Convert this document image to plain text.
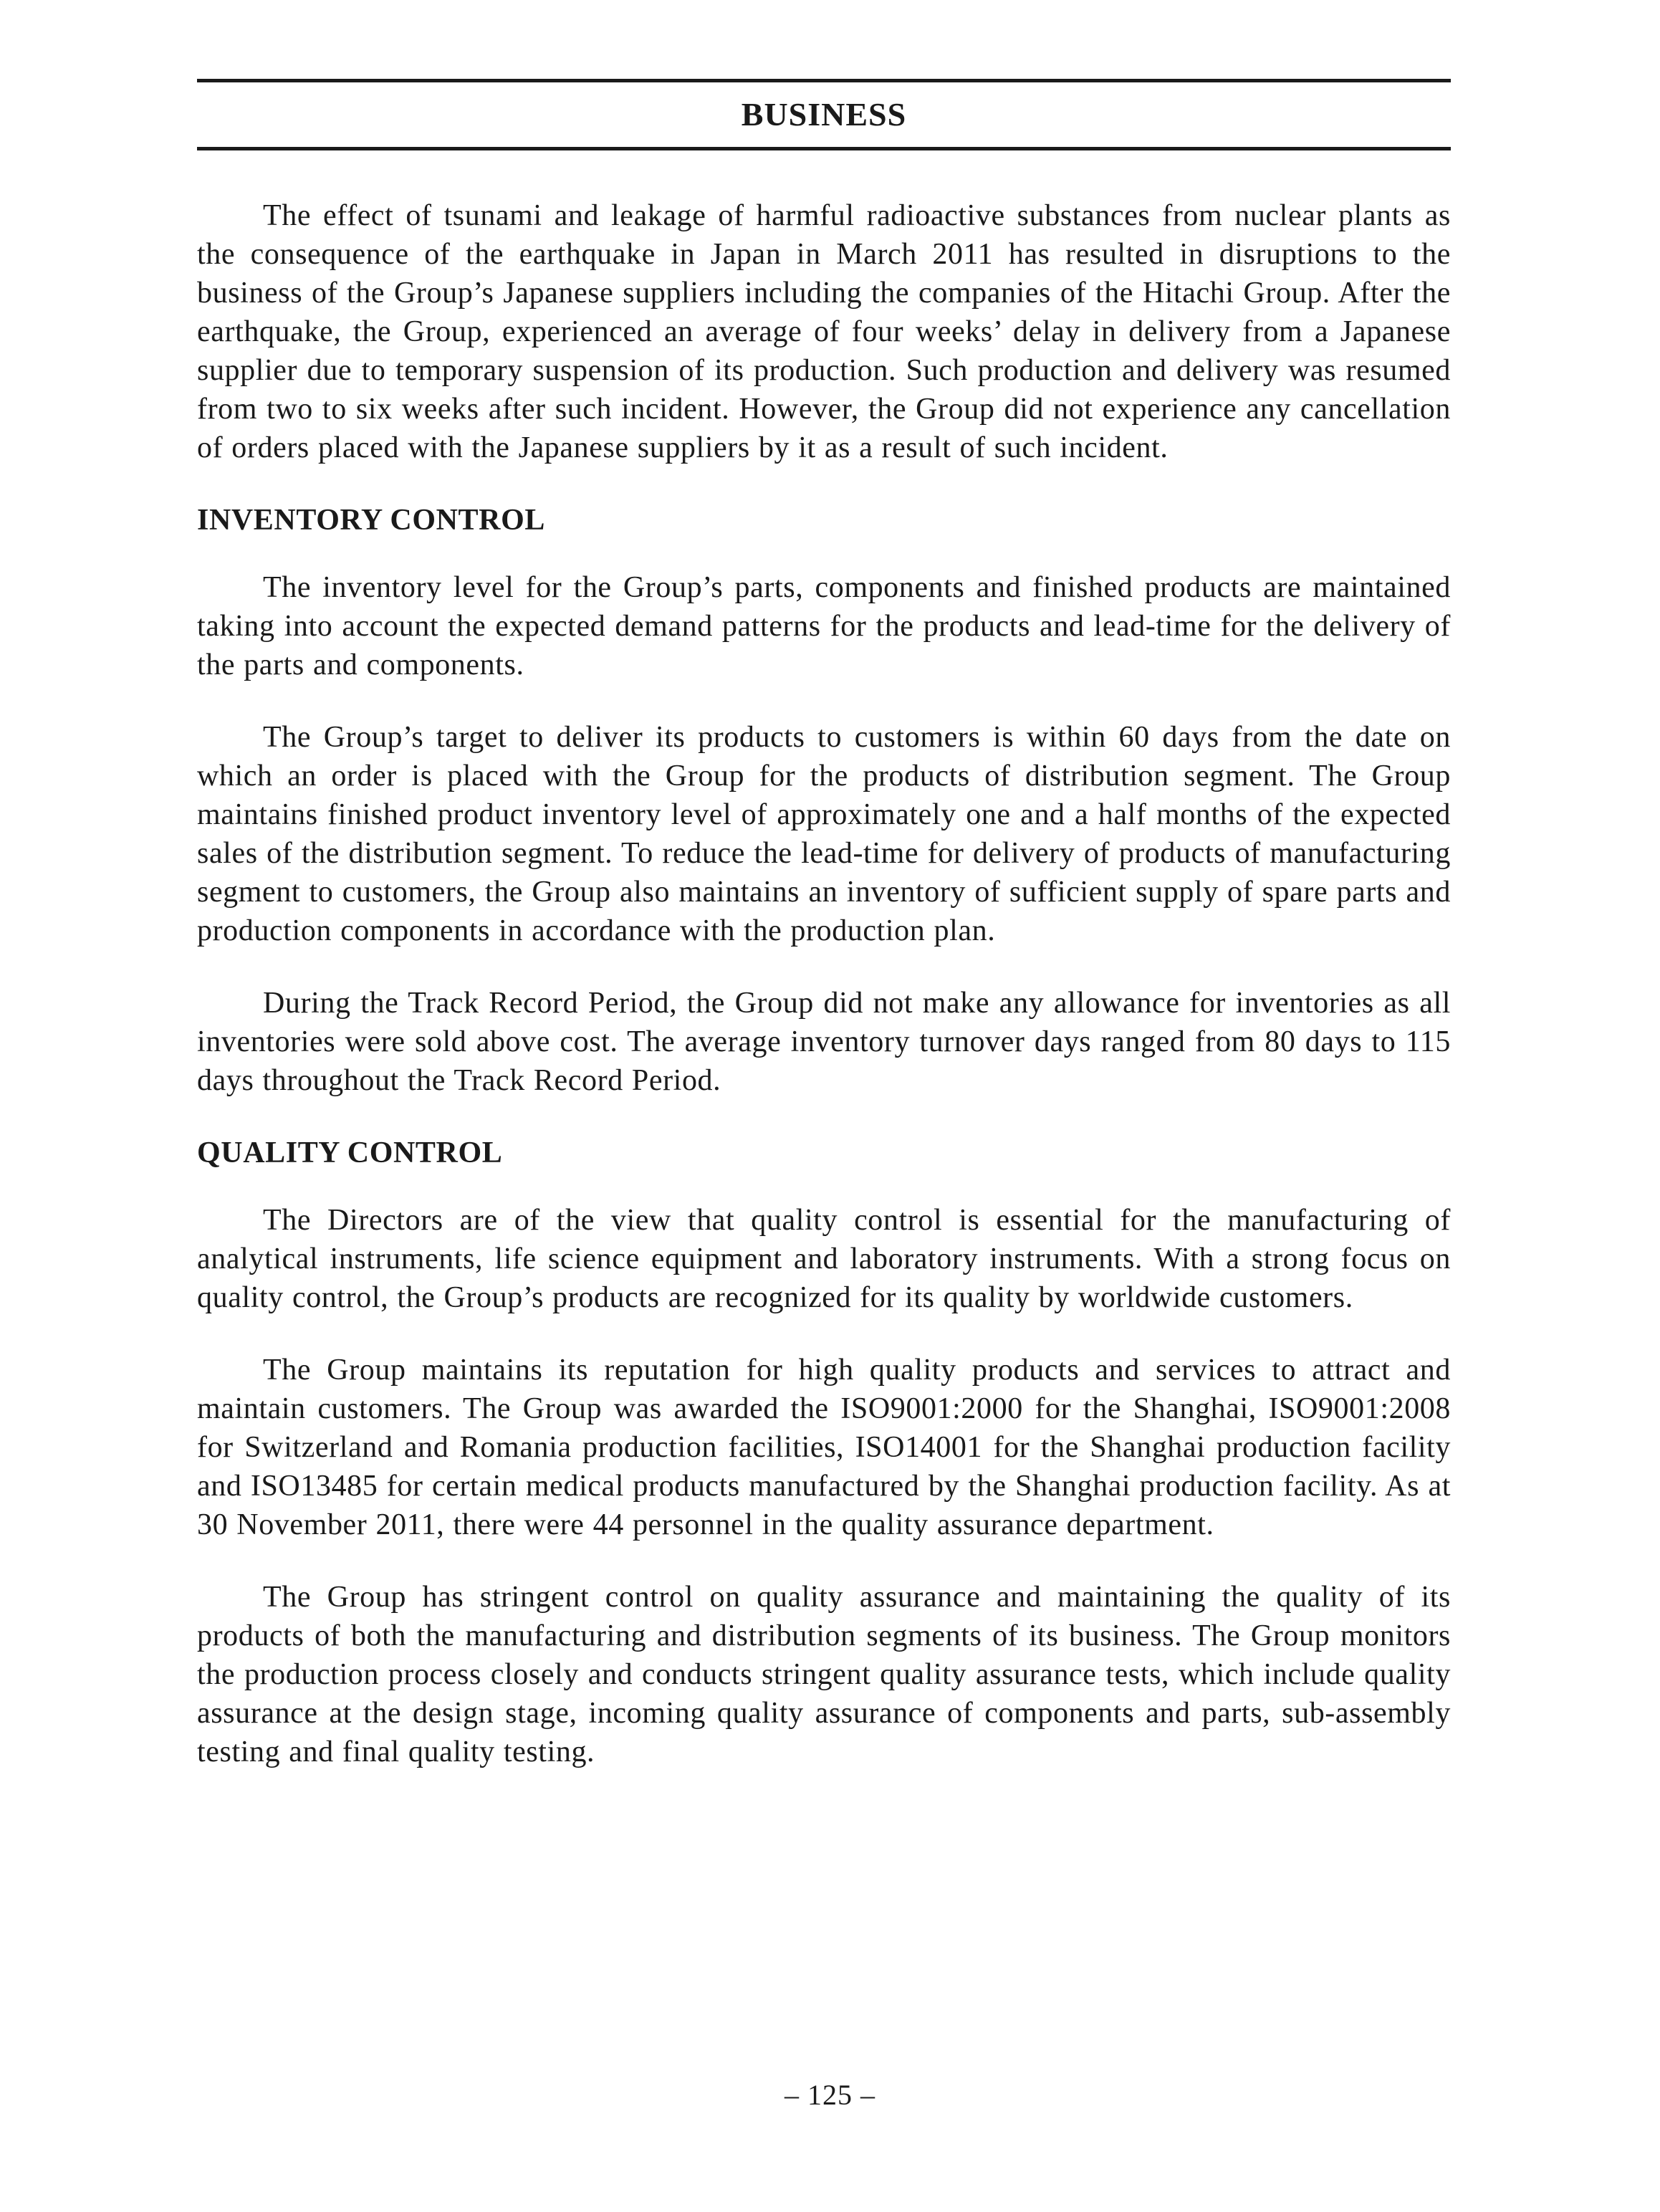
BUSINESS

The effect of tsunami and leakage of harmful radioactive substances from nuclear plants as the consequence of the earthquake in Japan in March 2011 has resulted in disruptions to the business of the Group’s Japanese suppliers including the companies of the Hitachi Group. After the earthquake, the Group, experienced an average of four weeks’ delay in delivery from a Japanese supplier due to temporary suspension of its production. Such production and delivery was resumed from two to six weeks after such incident. However, the Group did not experience any cancellation of orders placed with the Japanese suppliers by it as a result of such incident.

INVENTORY CONTROL

The inventory level for the Group’s parts, components and finished products are maintained taking into account the expected demand patterns for the products and lead-time for the delivery of the parts and components.

The Group’s target to deliver its products to customers is within 60 days from the date on which an order is placed with the Group for the products of distribution segment. The Group maintains finished product inventory level of approximately one and a half months of the expected sales of the distribution segment. To reduce the lead-time for delivery of products of manufacturing segment to customers, the Group also maintains an inventory of sufficient supply of spare parts and production components in accordance with the production plan.

During the Track Record Period, the Group did not make any allowance for inventories as all inventories were sold above cost. The average inventory turnover days ranged from 80 days to 115 days throughout the Track Record Period.

QUALITY CONTROL

The Directors are of the view that quality control is essential for the manufacturing of analytical instruments, life science equipment and laboratory instruments. With a strong focus on quality control, the Group’s products are recognized for its quality by worldwide customers.

The Group maintains its reputation for high quality products and services to attract and maintain customers. The Group was awarded the ISO9001:2000 for the Shanghai, ISO9001:2008 for Switzerland and Romania production facilities, ISO14001 for the Shanghai production facility and ISO13485 for certain medical products manufactured by the Shanghai production facility. As at 30 November 2011, there were 44 personnel in the quality assurance department.

The Group has stringent control on quality assurance and maintaining the quality of its products of both the manufacturing and distribution segments of its business. The Group monitors the production process closely and conducts stringent quality assurance tests, which include quality assurance at the design stage, incoming quality assurance of components and parts, sub-assembly testing and final quality testing.

– 125 –
